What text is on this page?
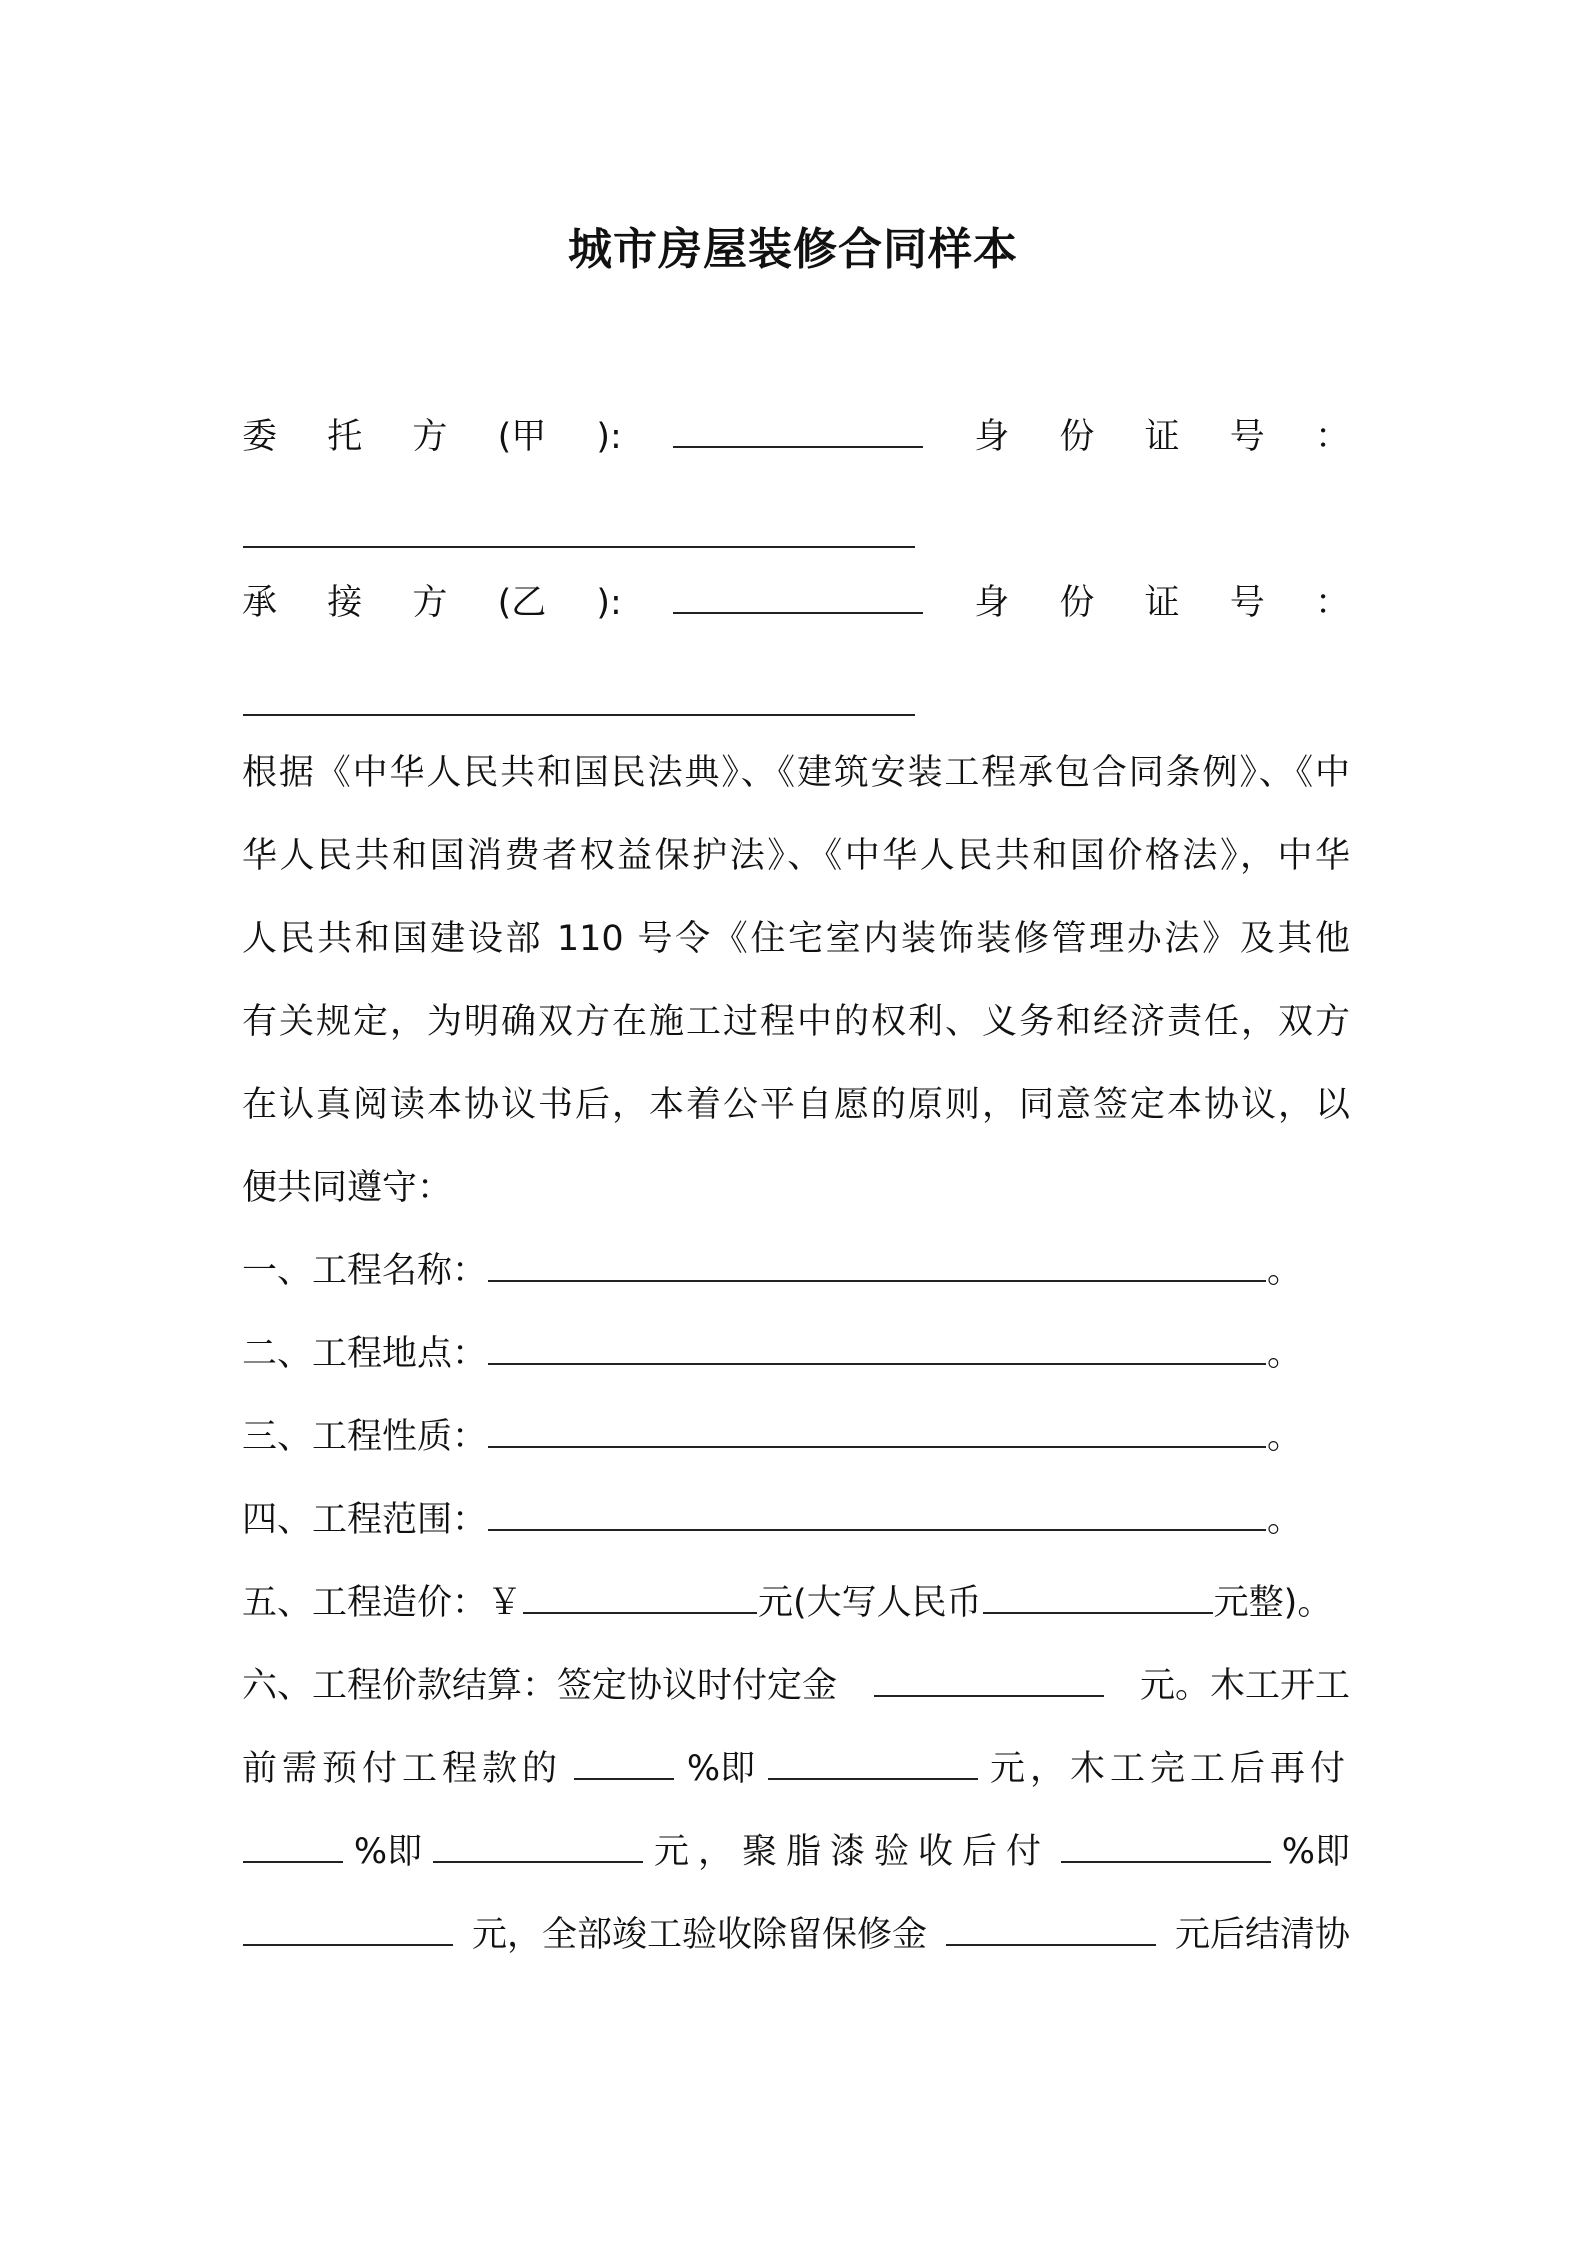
城市房屋装修合同样本
委 托 方 (甲 ):	身 份 证 号 ：
承 接 方 (乙 ):	身 份 证 号 ：
根据《中华人民共和国民法典》、《建筑安装工程承包合同条例》、《中
华人民共和国消费者权益保护法》、《中华人民共和国价格法》，中华
人民共和国建设部 110 号令《住宅室内装饰装修管理办法》及其他
有关规定，为明确双方在施工过程中的权利、义务和经济责任，双方
在认真阅读本协议书后，本着公平自愿的原则，同意签定本协议，以
便共同遵守：
一、工程名称：	。
二、工程地点：	。
三、工程性质：	。
四、工程范围：	。
五、工程造价：￥	元(大写人民币	元整)。
六、工程价款结算：签定协议时付定金	元。木工开工
前需预付工程款的	%即	元，木工完工后再付
%即	元，聚脂漆验收后付	%即
元，全部竣工验收除留保修金	元后结清协
